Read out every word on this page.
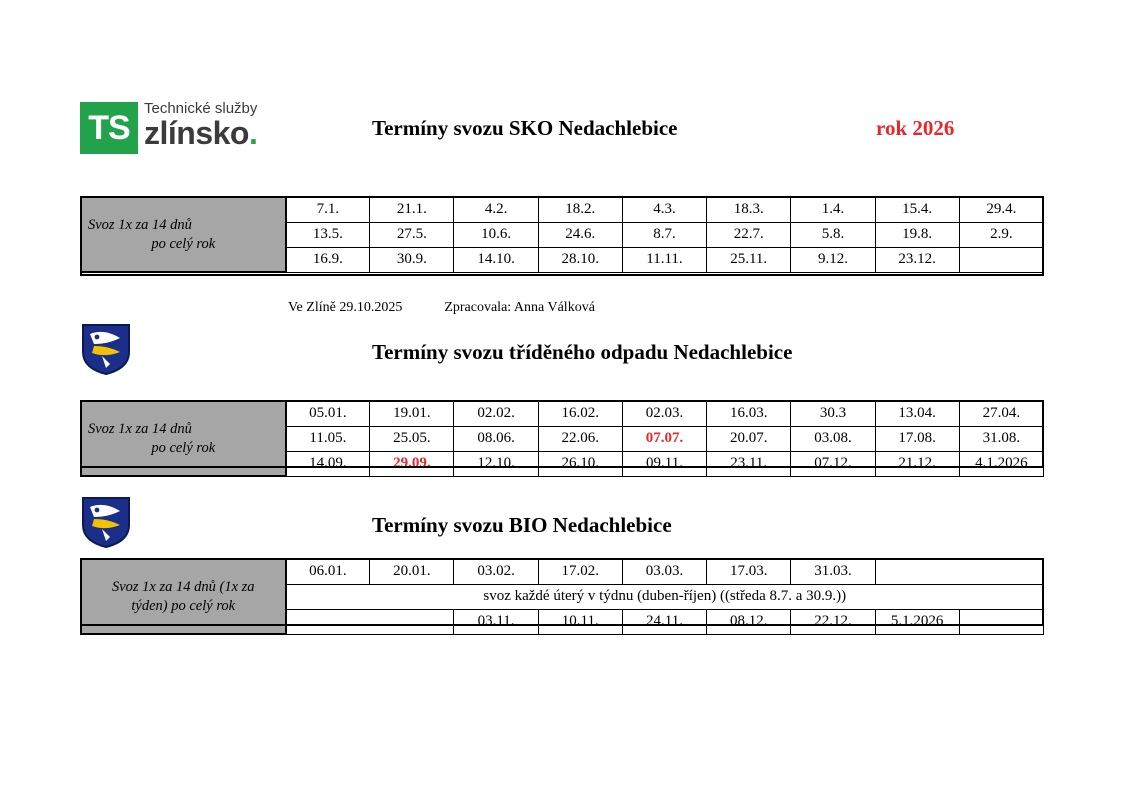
TS
Technické služby
zlínsko.	Termíny svozu SKO Nedachlebice	rok 2026
Svoz 1x za 14 dnů
po celý rok	7.1.	21.1.	4.2.	18.2.	4.3.	18.3.	1.4.	15.4.	29.4.
	13.5.	27.5.	10.6.	24.6.	8.7.	22.7.	5.8.	19.8.	2.9.
	16.9.	30.9.	14.10.	28.10.	11.11.	25.11.	9.12.	23.12.	
Ve Zlíně 29.10.2025	Zpracovala: Anna Válková
Termíny svozu tříděného odpadu Nedachlebice
Svoz 1x za 14 dnů
po celý rok	05.01.	19.01.	02.02.	16.02.	02.03.	16.03.	30.3	13.04.	27.04.
	11.05.	25.05.	08.06.	22.06.	07.07.	20.07.	03.08.	17.08.	31.08.
	14.09.	29.09.	12.10.	26.10.	09.11.	23.11.	07.12.	21.12.	4.1.2026
Termíny svozu BIO Nedachlebice
Svoz 1x za 14 dnů (1x za
týden) po celý rok	06.01.	20.01.	03.02.	17.02.	03.03.	17.03.	31.03.		
	svoz každé úterý v týdnu (duben-říjen) ((středa 8.7. a 30.9.))								
			03.11.	10.11.	24.11.	08.12.	22.12.	5.1.2026	
